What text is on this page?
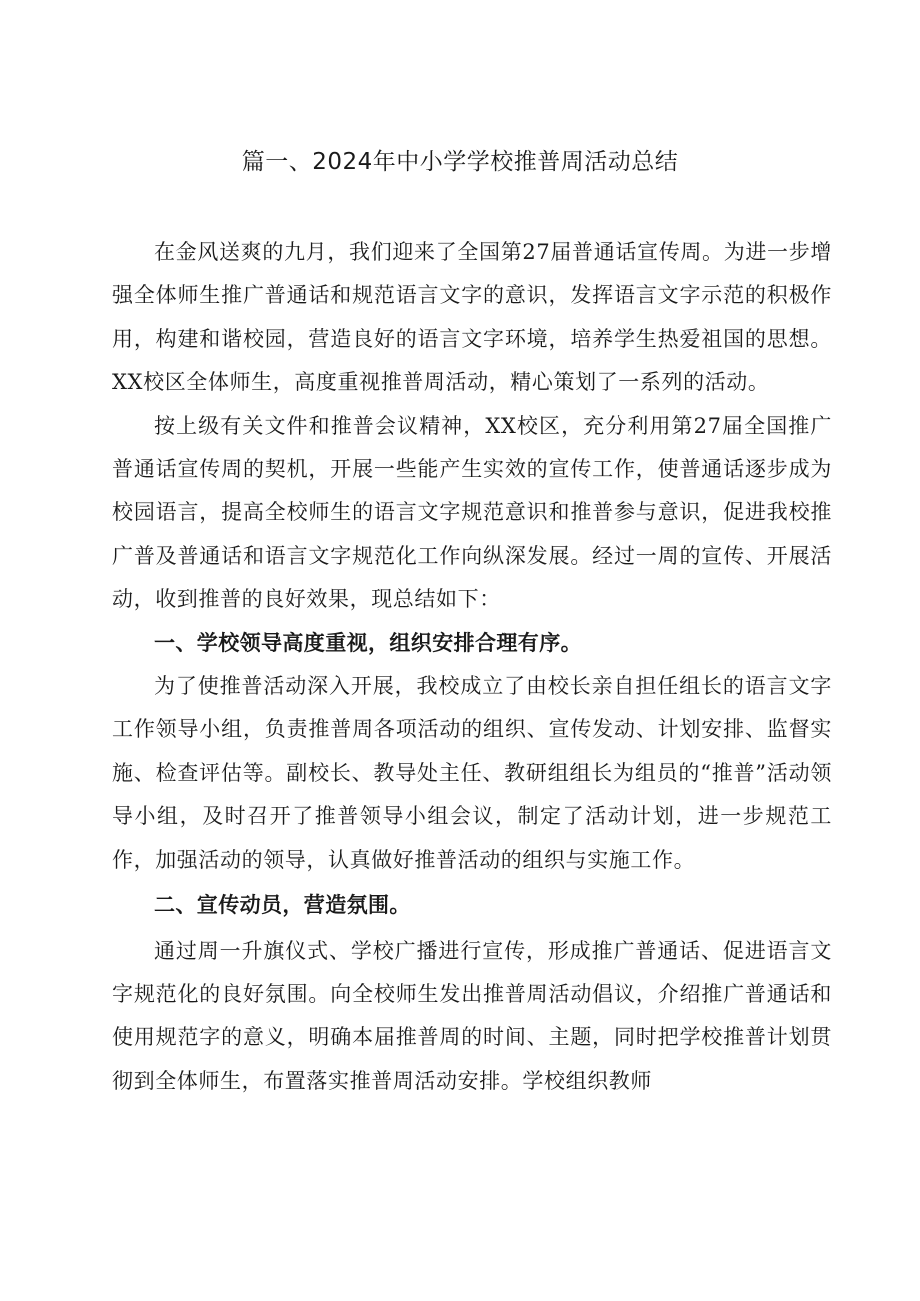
篇一、2024年中小学学校推普周活动总结

在金风送爽的九月，我们迎来了全国第27届普通话宣传周。为进一步增强全体师生推广普通话和规范语言文字的意识，发挥语言文字示范的积极作用，构建和谐校园，营造良好的语言文字环境，培养学生热爱祖国的思想。XX校区全体师生，高度重视推普周活动，精心策划了一系列的活动。

按上级有关文件和推普会议精神，XX校区，充分利用第27届全国推广普通话宣传周的契机，开展一些能产生实效的宣传工作，使普通话逐步成为校园语言，提高全校师生的语言文字规范意识和推普参与意识，促进我校推广普及普通话和语言文字规范化工作向纵深发展。经过一周的宣传、开展活动，收到推普的良好效果，现总结如下：

一、学校领导高度重视，组织安排合理有序。

为了使推普活动深入开展，我校成立了由校长亲自担任组长的语言文字工作领导小组，负责推普周各项活动的组织、宣传发动、计划安排、监督实施、检查评估等。副校长、教导处主任、教研组组长为组员的“推普”活动领导小组，及时召开了推普领导小组会议，制定了活动计划，进一步规范工作，加强活动的领导，认真做好推普活动的组织与实施工作。

二、宣传动员，营造氛围。

通过周一升旗仪式、学校广播进行宣传，形成推广普通话、促进语言文字规范化的良好氛围。向全校师生发出推普周活动倡议，介绍推广普通话和使用规范字的意义，明确本届推普周的时间、主题，同时把学校推普计划贯彻到全体师生，布置落实推普周活动安排。学校组织教师
